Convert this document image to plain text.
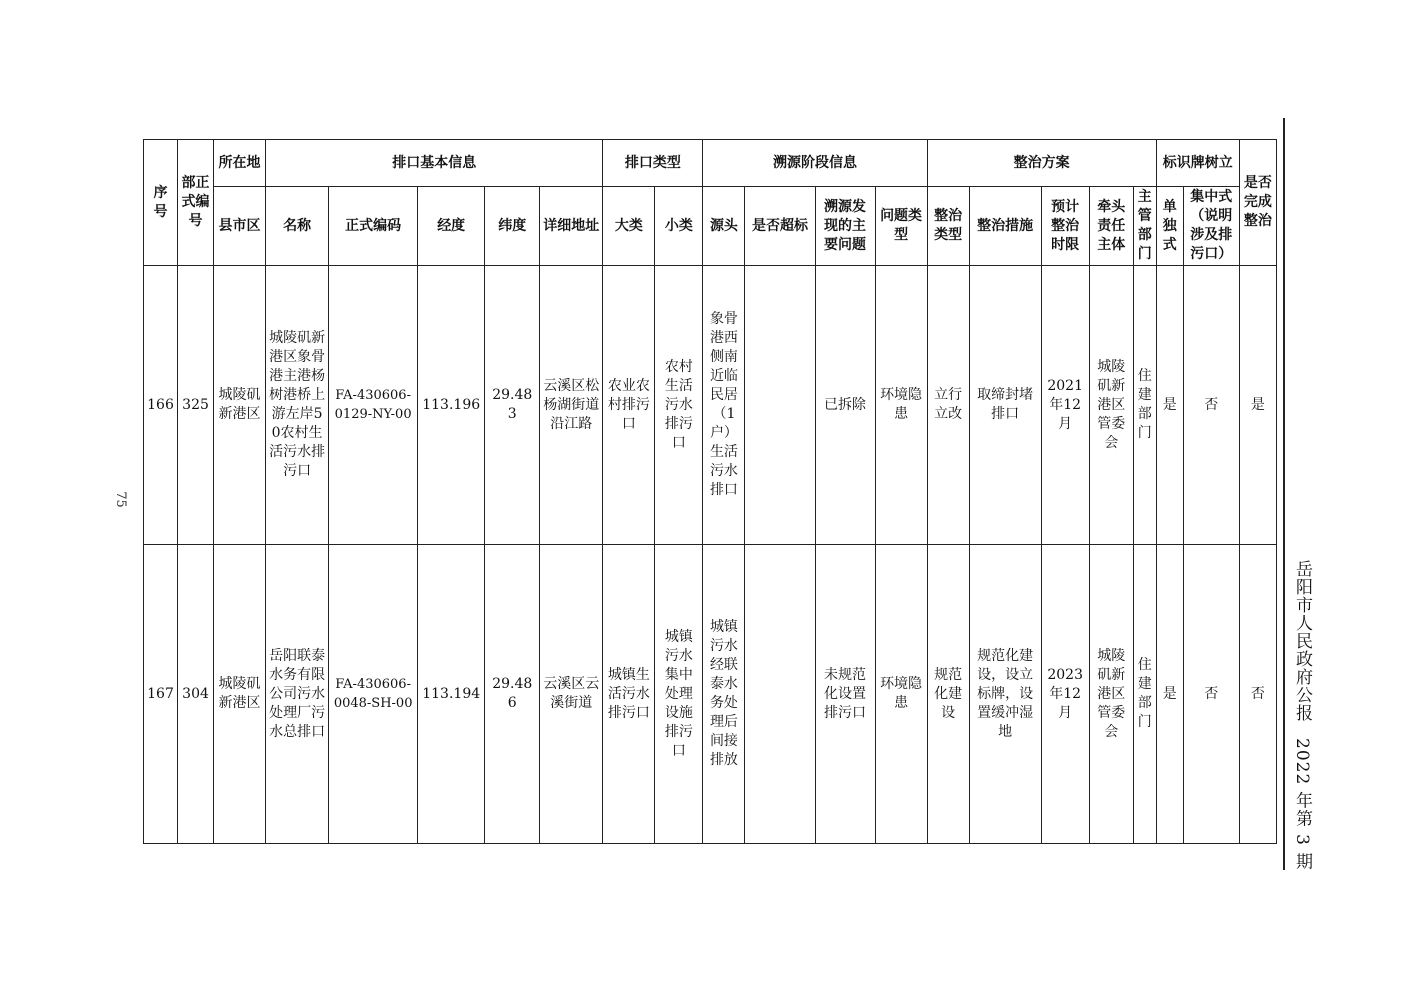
75
岳阳市人民政府公报2022 年第 3 期
序号	部正式编号	所在地	排口基本信息					排口类型		溯源阶段信息				整治方案					标识牌树立		是否完成整治
		县市区	名称	正式编码	经度	纬度	详细地址	大类	小类	源头	是否超标	溯源发现的主要问题	问题类型	整治类型	整治措施	预计整治时限	牵头责任主体	主管部门	单独式	集中式（说明涉及排污口）	
166	325	城陵矶新港区	城陵矶新港区象骨港主港杨树港桥上游左岸50农村生活污水排污口	FA-430606-0129-NY-00	113.196	29.483	云溪区松杨湖街道沿江路	农业农村排污口	农村生活污水排污口	象骨港西侧南近临民居（1户）生活污水排口		已拆除	环境隐患	立行立改	取缔封堵排口	2021年12月	城陵矶新港区管委会	住建部门	是	否	是
167	304	城陵矶新港区	岳阳联泰水务有限公司污水处理厂污水总排口	FA-430606-0048-SH-00	113.194	29.486	云溪区云溪街道	城镇生活污水排污口	城镇污水集中处理设施排污口	城镇污水经联泰水务处理后间接排放		未规范化设置排污口	环境隐患	规范化建设	规范化建设，设立标牌，设置缓冲湿地	2023年12月	城陵矶新港区管委会	住建部门	是	否	否
